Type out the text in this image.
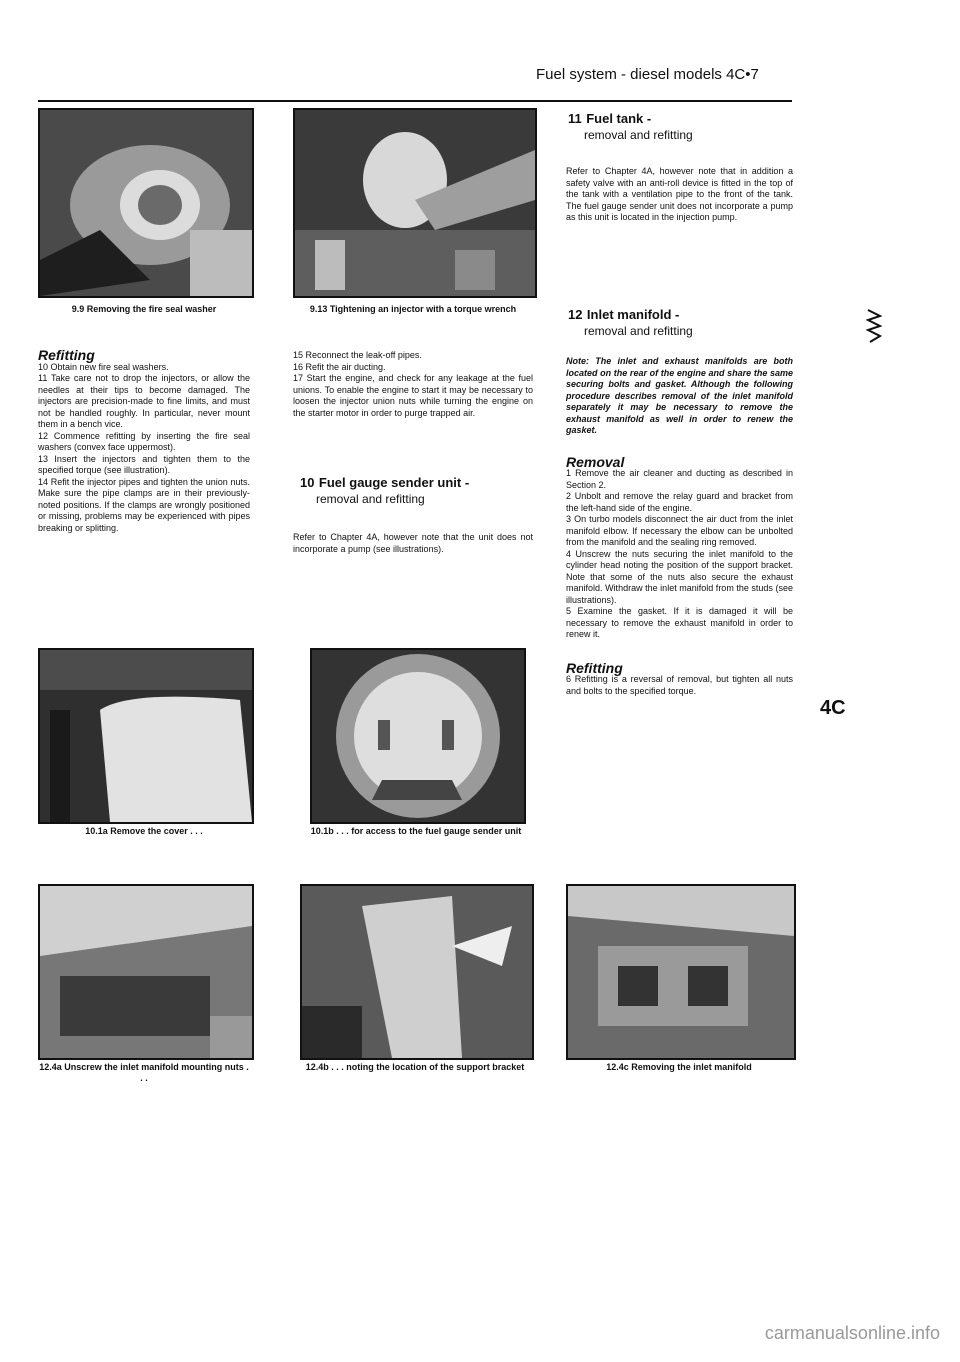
Fuel system - diesel models 4C•7
9.9 Removing the fire seal washer	9.13 Tightening an injector with a torque wrench

Refitting

10 Obtain new fire seal washers.

11 Take care not to drop the injectors, or allow the needles at their tips to become damaged. The injectors are precision-made to fine limits, and must not be handled roughly. In particular, never mount them in a bench vice.

12 Commence refitting by inserting the fire seal washers (convex face uppermost).

13 Insert the injectors and tighten them to the specified torque (see illustration).

14 Refit the injector pipes and tighten the union nuts. Make sure the pipe clamps are in their previously-noted positions. If the clamps are wrongly positioned or missing, problems may be experienced with pipes breaking or splitting.

15 Reconnect the leak-off pipes.

16 Refit the air ducting.

17 Start the engine, and check for any leakage at the fuel unions. To enable the engine to start it may be necessary to loosen the injector union nuts while turning the engine on the starter motor in order to purge trapped air.

10 Fuel gauge sender unit -
removal and refitting

Refer to Chapter 4A, however note that the unit does not incorporate a pump (see illustrations).

11 Fuel tank -
removal and refitting

Refer to Chapter 4A, however note that in addition a safety valve with an anti-roll device is fitted in the top of the tank with a ventilation pipe to the front of the tank. The fuel gauge sender unit does not incorporate a pump as this unit is located in the injection pump.

12 Inlet manifold -
removal and refitting

Note: The inlet and exhaust manifolds are both located on the rear of the engine and share the same securing bolts and gasket. Although the following procedure describes removal of the inlet manifold separately it may be necessary to remove the exhaust manifold as well in order to renew the gasket.

Removal

1 Remove the air cleaner and ducting as described in Section 2.

2 Unbolt and remove the relay guard and bracket from the left-hand side of the engine.

3 On turbo models disconnect the air duct from the inlet manifold elbow. If necessary the elbow can be unbolted from the manifold and the sealing ring removed.

4 Unscrew the nuts securing the inlet manifold to the cylinder head noting the position of the support bracket. Note that some of the nuts also secure the exhaust manifold. Withdraw the inlet manifold from the studs (see illustrations).

5 Examine the gasket. If it is damaged it will be necessary to remove the exhaust manifold in order to renew it.

Refitting

6 Refitting is a reversal of removal, but tighten all nuts and bolts to the specified torque.

4C
10.1a Remove the cover . . .	10.1b . . . for access to the fuel gauge sender unit
12.4a Unscrew the inlet manifold mounting nuts . . .
12.4b . . . noting the location of the support bracket	12.4c Removing the inlet manifold
carmanualsonline.info
